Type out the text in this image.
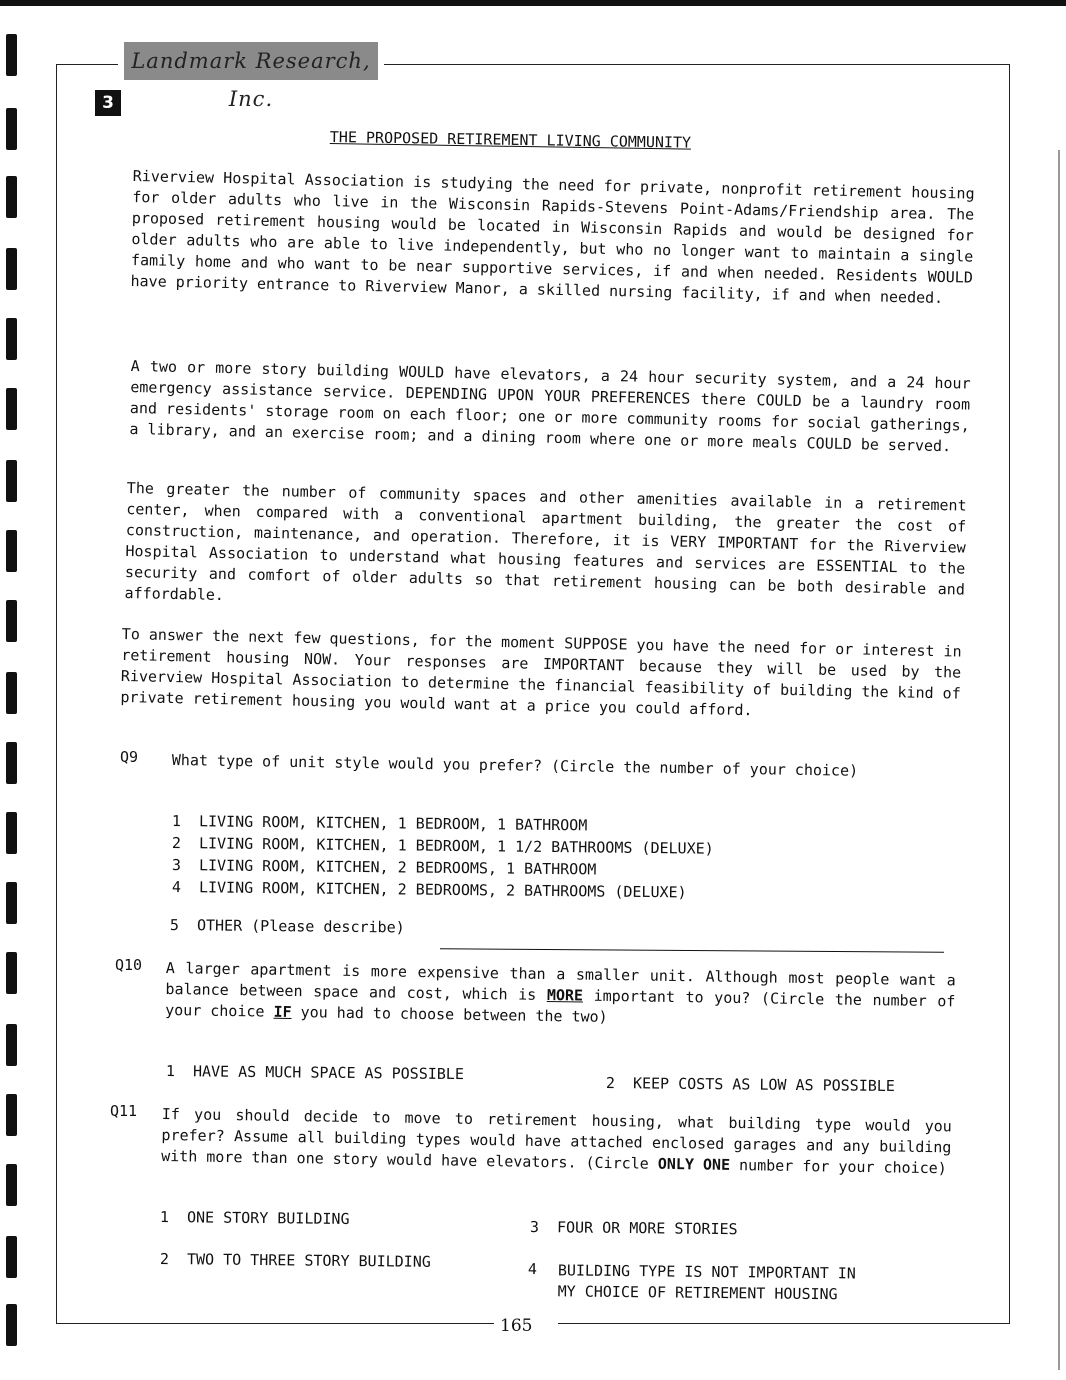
Landmark Research, Inc.
3
THE PROPOSED RETIREMENT LIVING COMMUNITY
Riverview Hospital Association is studying the need for private, nonprofit retirement housing for older adults who live in the Wisconsin Rapids-Stevens Point-Adams/Friendship area. The proposed retirement housing would be located in Wisconsin Rapids and would be designed for older adults who are able to live independently, but who no longer want to maintain a single family home and who want to be near supportive services, if and when needed. Residents WOULD have priority entrance to Riverview Manor, a skilled nursing facility, if and when needed.
A two or more story building WOULD have elevators, a 24 hour security system, and a 24 hour emergency assistance service. DEPENDING UPON YOUR PREFERENCES there COULD be a laundry room and residents' storage room on each floor; one or more community rooms for social gatherings, a library, and an exercise room; and a dining room where one or more meals COULD be served.
The greater the number of community spaces and other amenities available in a retirement center, when compared with a conventional apartment building, the greater the cost of construction, maintenance, and operation. Therefore, it is VERY IMPORTANT for the Riverview Hospital Association to understand what housing features and services are ESSENTIAL to the security and comfort of older adults so that retirement housing can be both desirable and affordable.
To answer the next few questions, for the moment SUPPOSE you have the need for or interest in retirement housing NOW. Your responses are IMPORTANT because they will be used by the Riverview Hospital Association to determine the financial feasibility of building the kind of private retirement housing you would want at a price you could afford.
Q9 What type of unit style would you prefer? (Circle the number of your choice)
1 LIVING ROOM, KITCHEN, 1 BEDROOM, 1 BATHROOM
2 LIVING ROOM, KITCHEN, 1 BEDROOM, 1 1/2 BATHROOMS (DELUXE)
3 LIVING ROOM, KITCHEN, 2 BEDROOMS, 1 BATHROOM
4 LIVING ROOM, KITCHEN, 2 BEDROOMS, 2 BATHROOMS (DELUXE)
5 OTHER (Please describe)
Q10 A larger apartment is more expensive than a smaller unit. Although most people want a balance between space and cost, which is MORE important to you? (Circle the number of your choice IF you had to choose between the two)
1 HAVE AS MUCH SPACE AS POSSIBLE	2 KEEP COSTS AS LOW AS POSSIBLE
Q11 If you should decide to move to retirement housing, what building type would you prefer? Assume all building types would have attached enclosed garages and any building with more than one story would have elevators. (Circle ONLY ONE number for your choice)
1 ONE STORY BUILDING
2 TWO TO THREE STORY BUILDING
3 FOUR OR MORE STORIES
4	BUILDING TYPE IS NOT IMPORTANT IN
MY CHOICE OF RETIREMENT HOUSING
165
